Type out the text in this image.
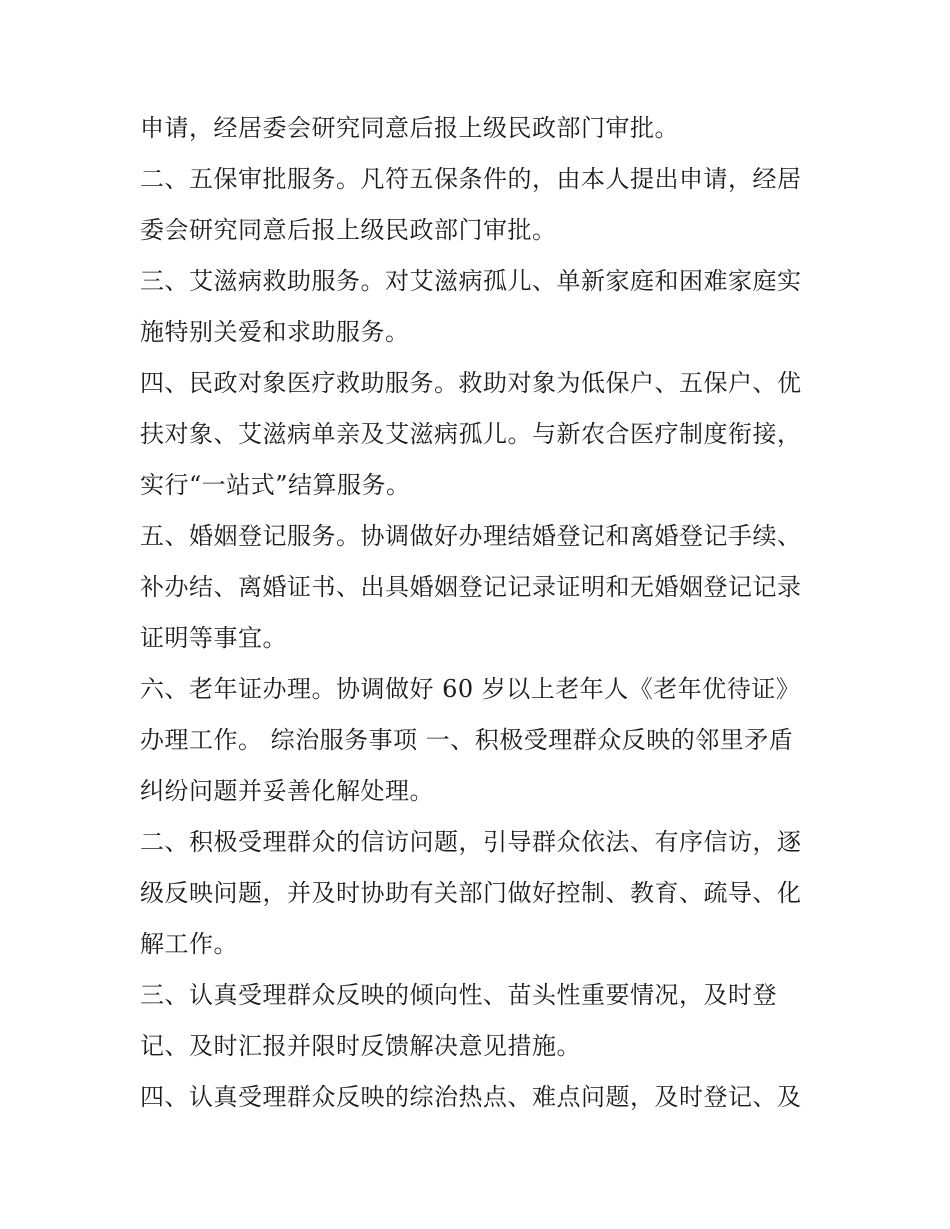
申请，经居委会研究同意后报上级民政部门审批。
二、五保审批服务。凡符五保条件的，由本人提出申请，经居
委会研究同意后报上级民政部门审批。
三、艾滋病救助服务。对艾滋病孤儿、单新家庭和困难家庭实
施特别关爱和求助服务。
四、民政对象医疗救助服务。救助对象为低保户、五保户、优
扶对象、艾滋病单亲及艾滋病孤儿。与新农合医疗制度衔接，
实行“一站式”结算服务。
五、婚姻登记服务。协调做好办理结婚登记和离婚登记手续、
补办结、离婚证书、出具婚姻登记记录证明和无婚姻登记记录
证明等事宜。
六、老年证办理。协调做好 60 岁以上老年人《老年优待证》
办理工作。 综治服务事项 一、积极受理群众反映的邻里矛盾
纠纷问题并妥善化解处理。
二、积极受理群众的信访问题，引导群众依法、有序信访，逐
级反映问题，并及时协助有关部门做好控制、教育、疏导、化
解工作。
三、认真受理群众反映的倾向性、苗头性重要情况，及时登
记、及时汇报并限时反馈解决意见措施。
四、认真受理群众反映的综治热点、难点问题，及时登记、及
